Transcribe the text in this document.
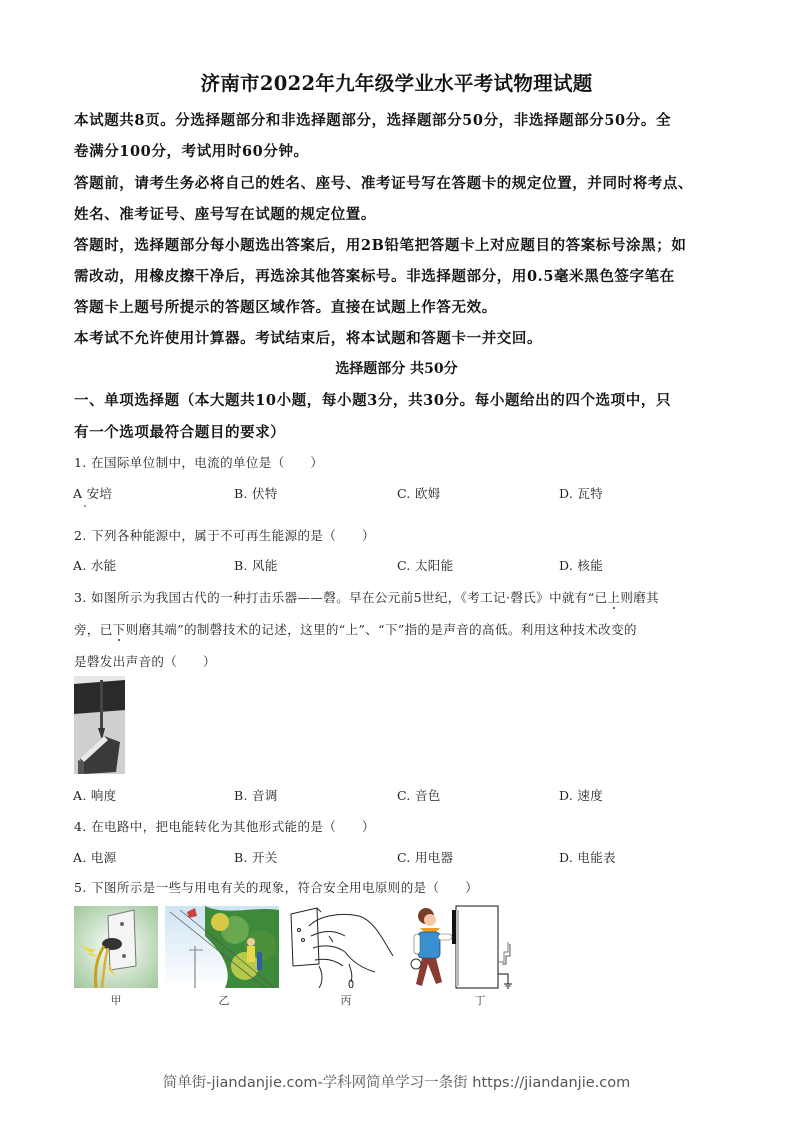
济南市2022年九年级学业水平考试物理试题
本试题共8页。分选择题部分和非选择题部分，选择题部分50分，非选择题部分50分。全
卷满分100分，考试用时60分钟。
答题前，请考生务必将自己的姓名、座号、准考证号写在答题卡的规定位置，并同时将考点、
姓名、准考证号、座号写在试题的规定位置。
答题时，选择题部分每小题选出答案后，用2B铅笔把答题卡上对应题目的答案标号涂黑；如
需改动，用橡皮擦干净后，再选涂其他答案标号。非选择题部分，用0.5毫米黑色签字笔在
答题卡上题号所提示的答题区域作答。直接在试题上作答无效。
本考试不允许使用计算器。考试结束后，将本试题和答题卡一并交回。
选择题部分 共50分
一、单项选择题（本大题共10小题，每小题3分，共30分。每小题给出的四个选项中，只
有一个选项最符合题目的要求）
1. 在国际单位制中，电流的单位是（　　）
A 安培	B. 伏特	C. 欧姆	D. 瓦特
2. 下列各种能源中，属于不可再生能源的是（　　）
A. 水能	B. 风能	C. 太阳能	D. 核能
3. 如图所示为我国古代的一种打击乐器——磬。早在公元前5世纪，《考工记·磬氏》中就有“已上则磨其
旁，已下则磨其端”的制磬技术的记述，这里的“上”、“下”指的是声音的高低。利用这种技术改变的
是磬发出声音的（　　）
A. 响度	B. 音调	C. 音色	D. 速度
4. 在电路中，把电能转化为其他形式能的是（　　）
A. 电源	B. 开关	C. 用电器	D. 电能表
5. 下图所示是一些与用电有关的现象，符合安全用电原则的是（　　）
甲	乙	丙	丁
简单街-jiandanjie.com-学科网简单学习一条街 https://jiandanjie.com
